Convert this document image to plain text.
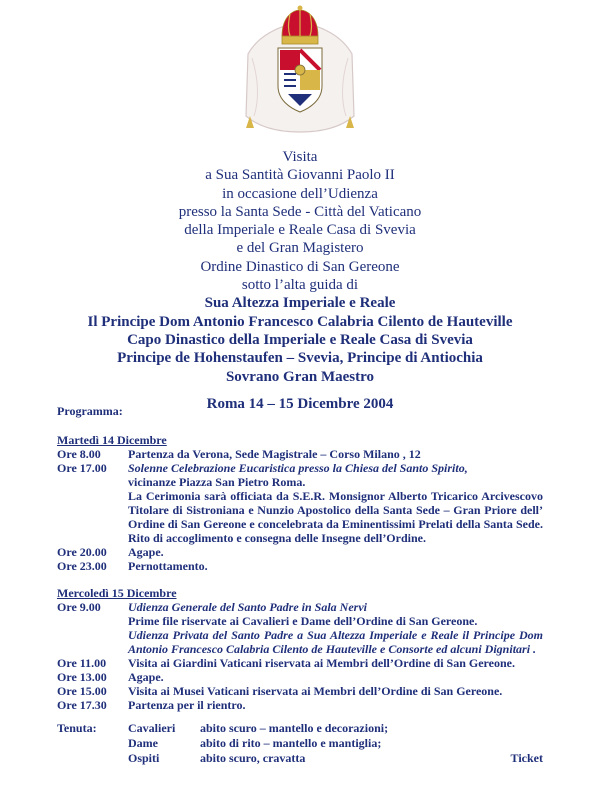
Visita
a Sua Santità Giovanni Paolo II
in occasione dell’Udienza
presso la Santa Sede - Città del Vaticano
della Imperiale e Reale Casa di Svevia
e del Gran Magistero
Ordine Dinastico di San Gereone
sotto l’alta guida di
Sua Altezza Imperiale e Reale
Il Principe Dom Antonio Francesco Calabria Cilento de Hauteville
Capo Dinastico della Imperiale e Reale Casa di Svevia
Principe de Hohenstaufen – Svevia, Principe di Antiochia
Sovrano Gran Maestro
Roma 14 – 15 Dicembre 2004
Programma:
Martedì 14 Dicembre
Ore 8.00	Partenza da Verona, Sede Magistrale – Corso Milano , 12
Ore 17.00	Solenne Celebrazione Eucaristica presso la Chiesa del Santo Spirito,
vicinanze Piazza San Pietro Roma.
La Cerimonia sarà officiata da S.E.R. Monsignor Alberto Tricarico Arcivescovo Titolare di Sistroniana e Nunzio Apostolico della Santa Sede – Gran Priore dell’ Ordine di San Gereone e concelebrata da Eminentissimi Prelati della Santa Sede. Rito di accoglimento e consegna delle Insegne dell’Ordine.
Ore 20.00	Agape.
Ore 23.00	Pernottamento.
Mercoledì 15 Dicembre
Ore 9.00	Udienza Generale del Santo Padre in Sala Nervi
Prime file riservate ai Cavalieri e Dame dell’Ordine di San Gereone.
Udienza Privata del Santo Padre a Sua Altezza Imperiale e Reale il Principe Dom Antonio Francesco Calabria Cilento de Hauteville e Consorte ed alcuni Dignitari .
Ore 11.00	Visita ai Giardini Vaticani riservata ai Membri dell’Ordine di San Gereone.
Ore 13.00	Agape.
Ore 15.00	Visita ai Musei Vaticani riservata ai Membri dell’Ordine di San Gereone.
Ore 17.30	Partenza per il rientro.
Tenuta:	Cavalieri	abito scuro – mantello e decorazioni;
Dame	abito di rito – mantello e mantiglia;
Ospiti	abito scuro, cravatta	Ticket
